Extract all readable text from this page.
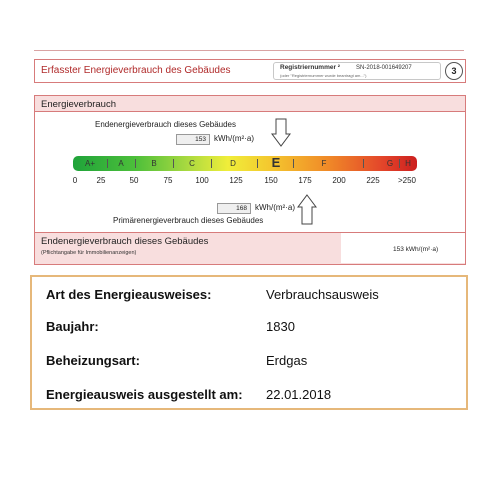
Erfasster Energieverbrauch des Gebäudes	Registriernummer ²	SN-2018-001649207
(oder "Registriernummer wurde beantragt am...")	3
Energieverbrauch
Endenergieverbrauch dieses Gebäudes
153	kWh/(m²·a)
A+	A	B	C	D	E	F	G	H
0 25	50	75	100	125	150	175	200	225 >250
168	kWh/(m²·a)
Primärenergieverbrauch dieses Gebäudes
Endenergieverbrauch dieses Gebäudes
(Pflichtangabe für Immobilienanzeigen)	153 kWh/(m²·a)
Art des Energieausweises:	Verbrauchsausweis
Baujahr:	1830
Beheizungsart:	Erdgas
Energieausweis ausgestellt am: 22.01.2018
